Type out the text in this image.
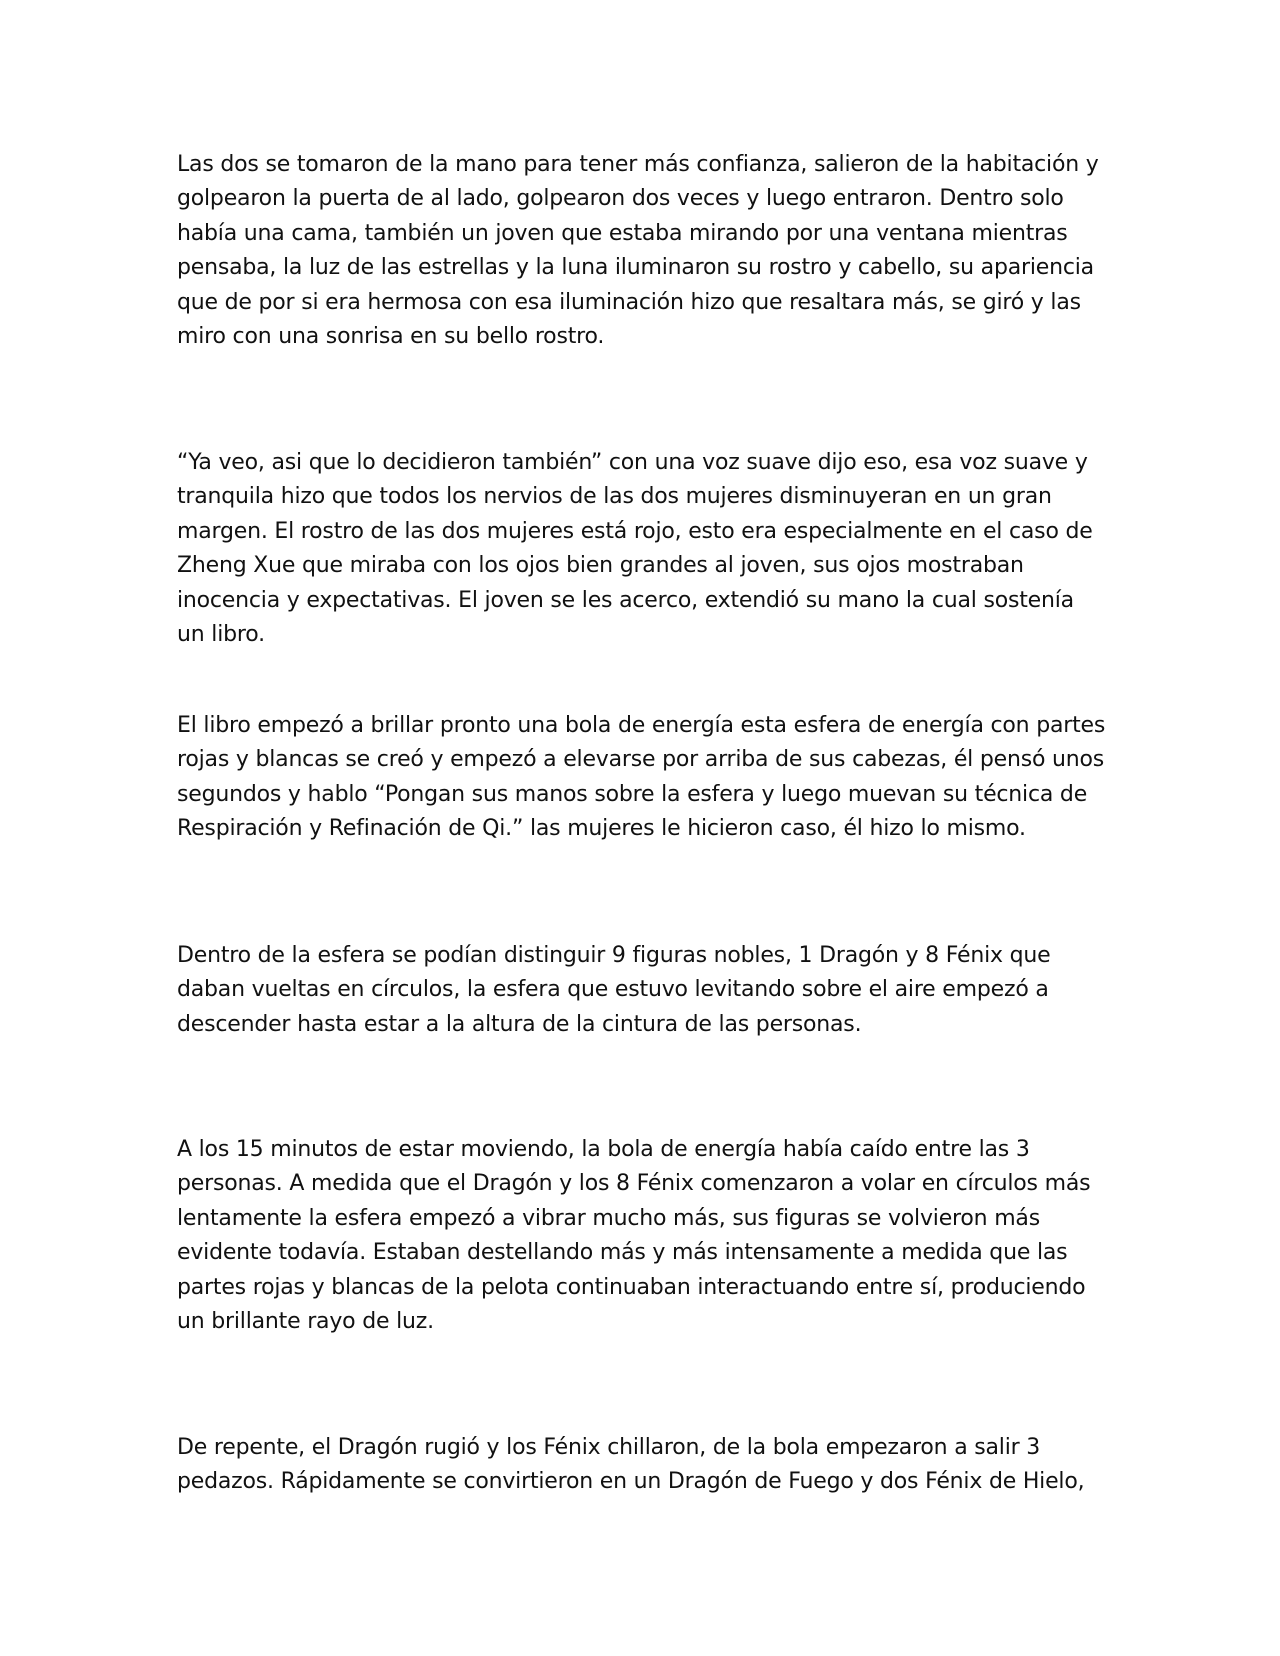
Las dos se tomaron de la mano para tener más confianza, salieron de la habitación y golpearon la puerta de al lado, golpearon dos veces y luego entraron. Dentro solo había una cama, también un joven que estaba mirando por una ventana mientras pensaba, la luz de las estrellas y la luna iluminaron su rostro y cabello, su apariencia que de por si era hermosa con esa iluminación hizo que resaltara más, se giró y las miro con una sonrisa en su bello rostro.

“Ya veo, asi que lo decidieron también” con una voz suave dijo eso, esa voz suave y tranquila hizo que todos los nervios de las dos mujeres disminuyeran en un gran margen. El rostro de las dos mujeres está rojo, esto era especialmente en el caso de Zheng Xue que miraba con los ojos bien grandes al joven, sus ojos mostraban inocencia y expectativas. El joven se les acerco, extendió su mano la cual sostenía un libro.

El libro empezó a brillar pronto una bola de energía esta esfera de energía con partes rojas y blancas se creó y empezó a elevarse por arriba de sus cabezas, él pensó unos segundos y hablo “Pongan sus manos sobre la esfera y luego muevan su técnica de Respiración y Refinación de Qi.” las mujeres le hicieron caso, él hizo lo mismo.

Dentro de la esfera se podían distinguir 9 figuras nobles, 1 Dragón y 8 Fénix que daban vueltas en círculos, la esfera que estuvo levitando sobre el aire empezó a descender hasta estar a la altura de la cintura de las personas.

A los 15 minutos de estar moviendo, la bola de energía había caído entre las 3 personas. A medida que el Dragón y los 8 Fénix comenzaron a volar en círculos más lentamente la esfera empezó a vibrar mucho más, sus figuras se volvieron más evidente todavía. Estaban destellando más y más intensamente a medida que las partes rojas y blancas de la pelota continuaban interactuando entre sí, produciendo un brillante rayo de luz.

De repente, el Dragón rugió y los Fénix chillaron, de la bola empezaron a salir 3 pedazos. Rápidamente se convirtieron en un Dragón de Fuego y dos Fénix de Hielo,
